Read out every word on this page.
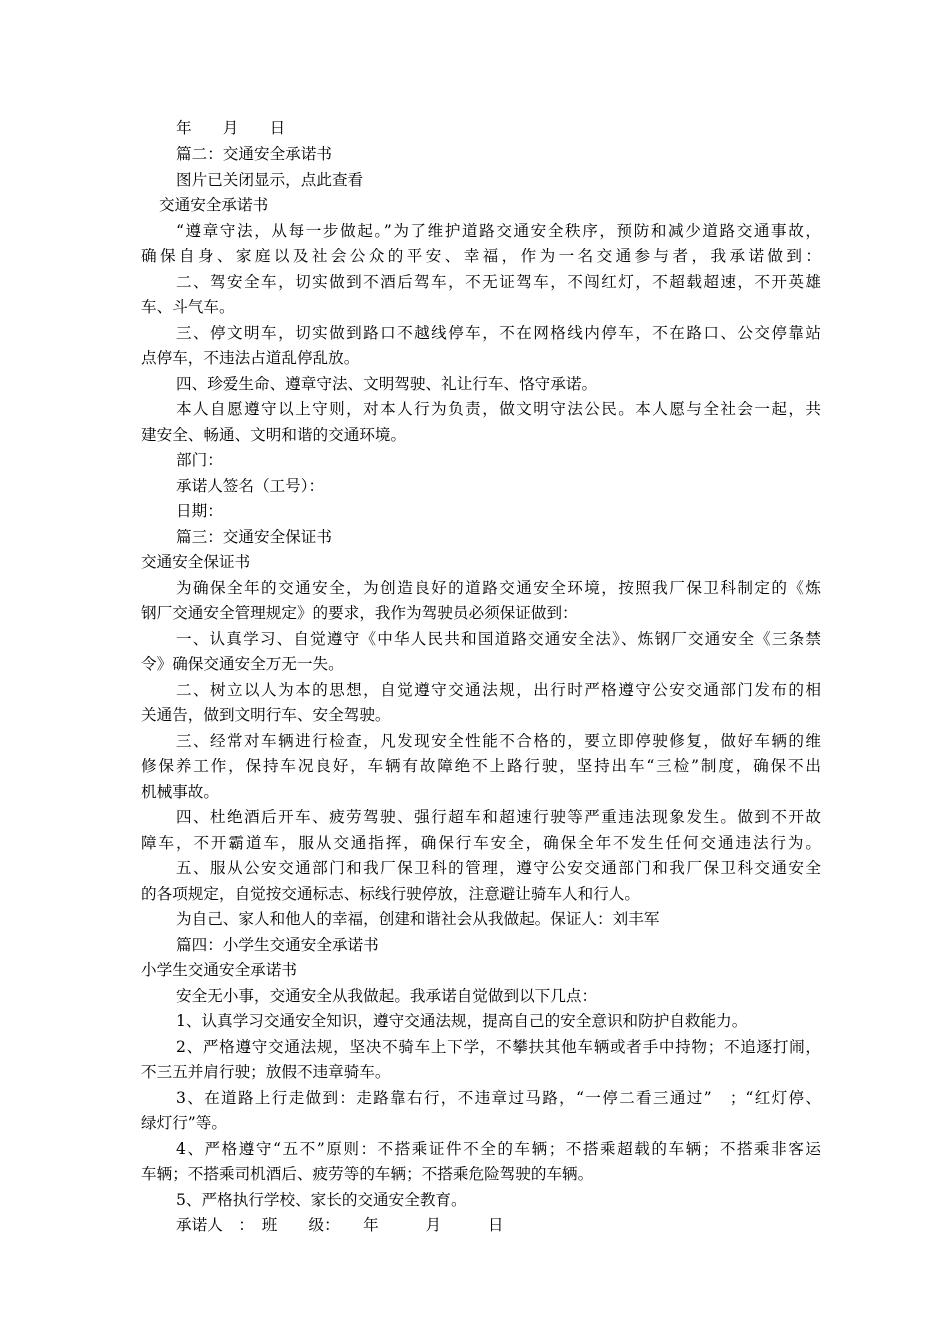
年　　月　　日
篇二：交通安全承诺书
图片已关闭显示，点此查看
交通安全承诺书
“遵章守法，从每一步做起。”为了维护道路交通安全秩序，预防和减少道路交通事故，
确保自身、家庭以及社会公众的平安、幸福，作为一名交通参与者，我承诺做到：
二、驾安全车，切实做到不酒后驾车，不无证驾车，不闯红灯，不超载超速，不开英雄
车、斗气车。
三、停文明车，切实做到路口不越线停车，不在网格线内停车，不在路口、公交停靠站
点停车，不违法占道乱停乱放。
四、珍爱生命、遵章守法、文明驾驶、礼让行车、恪守承诺。
本人自愿遵守以上守则，对本人行为负责，做文明守法公民。本人愿与全社会一起，共
建安全、畅通、文明和谐的交通环境。
部门：
承诺人签名（工号）：
日期：
篇三：交通安全保证书
交通安全保证书
为确保全年的交通安全，为创造良好的道路交通安全环境，按照我厂保卫科制定的《炼
钢厂交通安全管理规定》的要求，我作为驾驶员必须保证做到：
一、认真学习、自觉遵守《中华人民共和国道路交通安全法》、炼钢厂交通安全《三条禁
令》确保交通安全万无一失。
二、树立以人为本的思想，自觉遵守交通法规，出行时严格遵守公安交通部门发布的相
关通告，做到文明行车、安全驾驶。
三、经常对车辆进行检查，凡发现安全性能不合格的，要立即停驶修复，做好车辆的维
修保养工作，保持车况良好，车辆有故障绝不上路行驶，坚持出车“三检”制度，确保不出
机械事故。
四、杜绝酒后开车、疲劳驾驶、强行超车和超速行驶等严重违法现象发生。做到不开故
障车，不开霸道车，服从交通指挥，确保行车安全，确保全年不发生任何交通违法行为。
五、服从公安交通部门和我厂保卫科的管理，遵守公安交通部门和我厂保卫科交通安全
的各项规定，自觉按交通标志、标线行驶停放，注意避让骑车人和行人。
为自己、家人和他人的幸福，创建和谐社会从我做起。保证人：刘丰军
篇四：小学生交通安全承诺书
小学生交通安全承诺书
安全无小事，交通安全从我做起。我承诺自觉做到以下几点：
1、认真学习交通安全知识，遵守交通法规，提高自己的安全意识和防护自救能力。
2、严格遵守交通法规，坚决不骑车上下学，不攀扶其他车辆或者手中持物；不追逐打闹，
不三五并肩行驶；放假不违章骑车。
3、在道路上行走做到：走路靠右行，不违章过马路，“一停二看三通过”　；“红灯停、
绿灯行”等。
4、严格遵守“五不”原则：不搭乘证件不全的车辆；不搭乘超载的车辆；不搭乘非客运
车辆；不搭乘司机酒后、疲劳等的车辆；不搭乘危险驾驶的车辆。
5、严格执行学校、家长的交通安全教育。
承诺人　：　班　　级：　　年　　　月　　　日
